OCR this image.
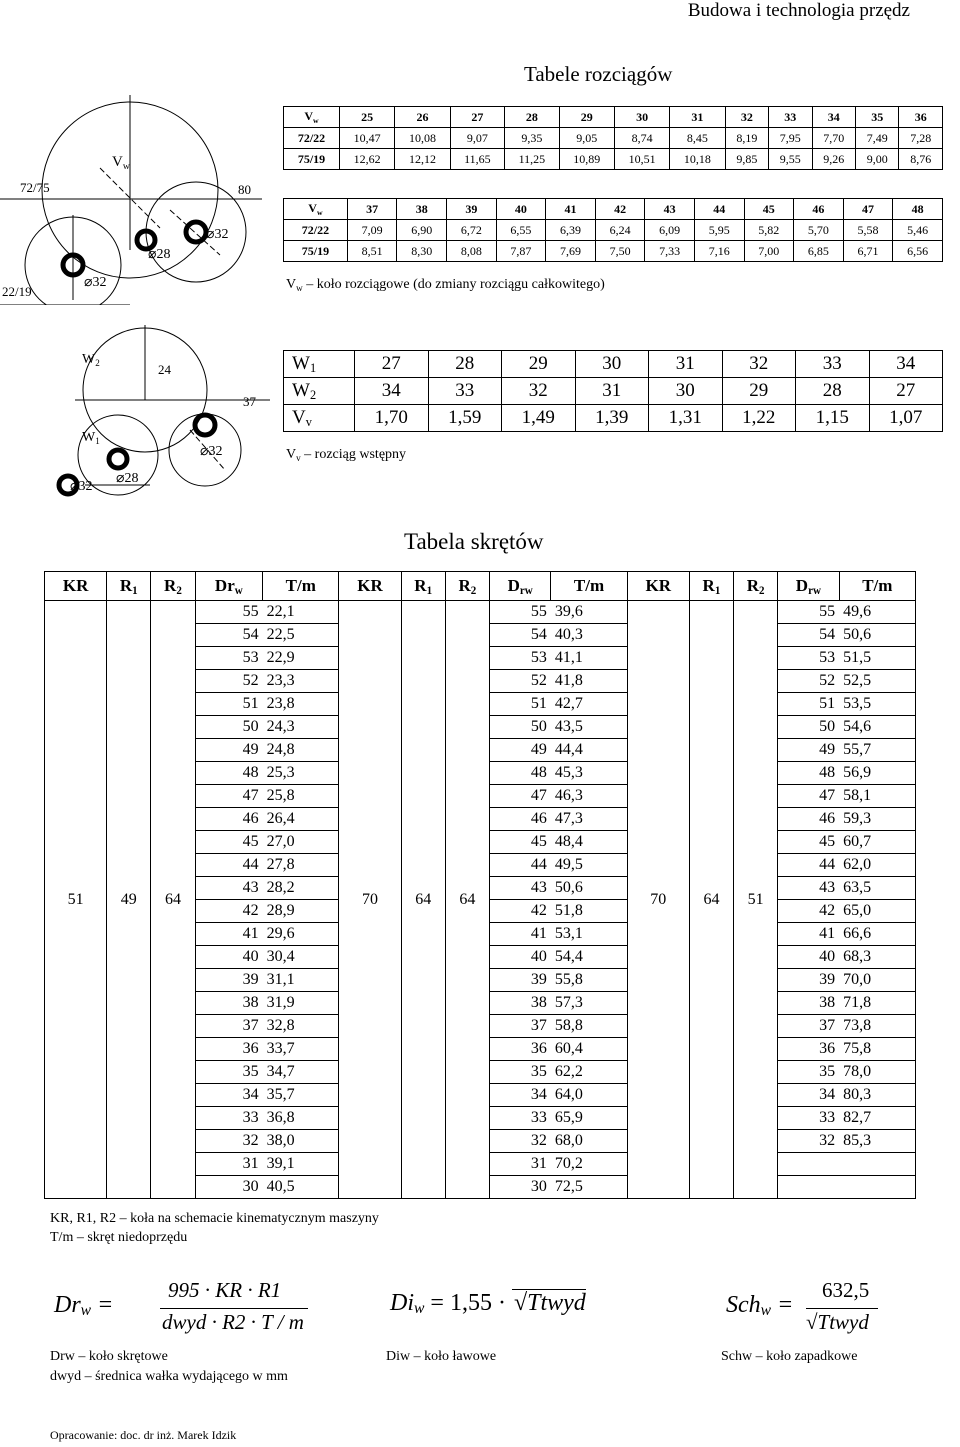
Budowa i technologia przędz
Tabele rozciągów
$V_w$
72/75
22/19
80
⌀32
⌀28
⌀32
$V_w$	25	26	27	28	29	30	31	32	33	34	35	36
72/22	10,47	10,08	9,07	9,35	9,05	8,74	8,45	8,19	7,95	7,70	7,49	7,28
75/19	12,62	12,12	11,65	11,25	10,89	10,51	10,18	9,85	9,55	9,26	9,00	8,76
$V_w$	37	38	39	40	41	42	43	44	45	46	47	48
72/22	7,09	6,90	6,72	6,55	6,39	6,24	6,09	5,95	5,82	5,70	5,58	5,46
75/19	8,51	8,30	8,08	7,87	7,69	7,50	7,33	7,16	7,00	6,85	6,71	6,56
$V_w$ – koło rozciągowe (do zmiany rozciągu całkowitego)
$W_2$
$W_1$
24
37
⌀32
⌀28
⌀32
$W_1$	27	28	29	30	31	32	33	34
$W_2$	34	33	32	31	30	29	28	27
$V_v$	1,70	1,59	1,49	1,39	1,31	1,22	1,15	1,07
$V_v$ – rozciąg wstępny
Tabela skrętów
KR	$R_1$	$R_2$	$Dr_w$	T/m	KR	$R_1$	$R_2$	$D_{rw}$	T/m	KR	$R_1$	$R_2$	$D_{rw}$	T/m
51	49	64	55	22,1	70	64	64	55	39,6	70	64	51	55	49,6
			54	22,5				54	40,3				54	50,6
			53	22,9				53	41,1				53	51,5
			52	23,3				52	41,8				52	52,5
			51	23,8				51	42,7				51	53,5
			50	24,3				50	43,5				50	54,6
			49	24,8				49	44,4				49	55,7
			48	25,3				48	45,3				48	56,9
			47	25,8				47	46,3				47	58,1
			46	26,4				46	47,3				46	59,3
			45	27,0				45	48,4				45	60,7
			44	27,8				44	49,5				44	62,0
			43	28,2				43	50,6				43	63,5
			42	28,9				42	51,8				42	65,0
			41	29,6				41	53,1				41	66,6
			40	30,4				40	54,4				40	68,3
			39	31,1				39	55,8				39	70,0
			38	31,9				38	57,3				38	71,8
			37	32,8				37	58,8				37	73,8
			36	33,7				36	60,4				36	75,8
			35	34,7				35	62,2				35	78,0
			34	35,7				34	64,0				34	80,3
			33	36,8				33	65,9				33	82,7
			32	38,0				32	68,0				32	85,3
			31	39,1				31	70,2					
			30	40,5				30	72,5					
KR, R1, R2 – koła na schemacie kinematycznym maszyny
T/m – skręt niedoprzędu
$Dr_w$ =
995 · KR · R1
dwyd · R2 · T / m
$Di_w = 1,55$ · √Ttwyd	Sch$_w$ =
632,5
√Ttwyd
Drw – koło skrętowe
dwyd – średnica wałka wydającego w mm
Diw – koło ławowe	Schw – koło zapadkowe
Opracowanie: doc. dr inż. Marek Idzik
